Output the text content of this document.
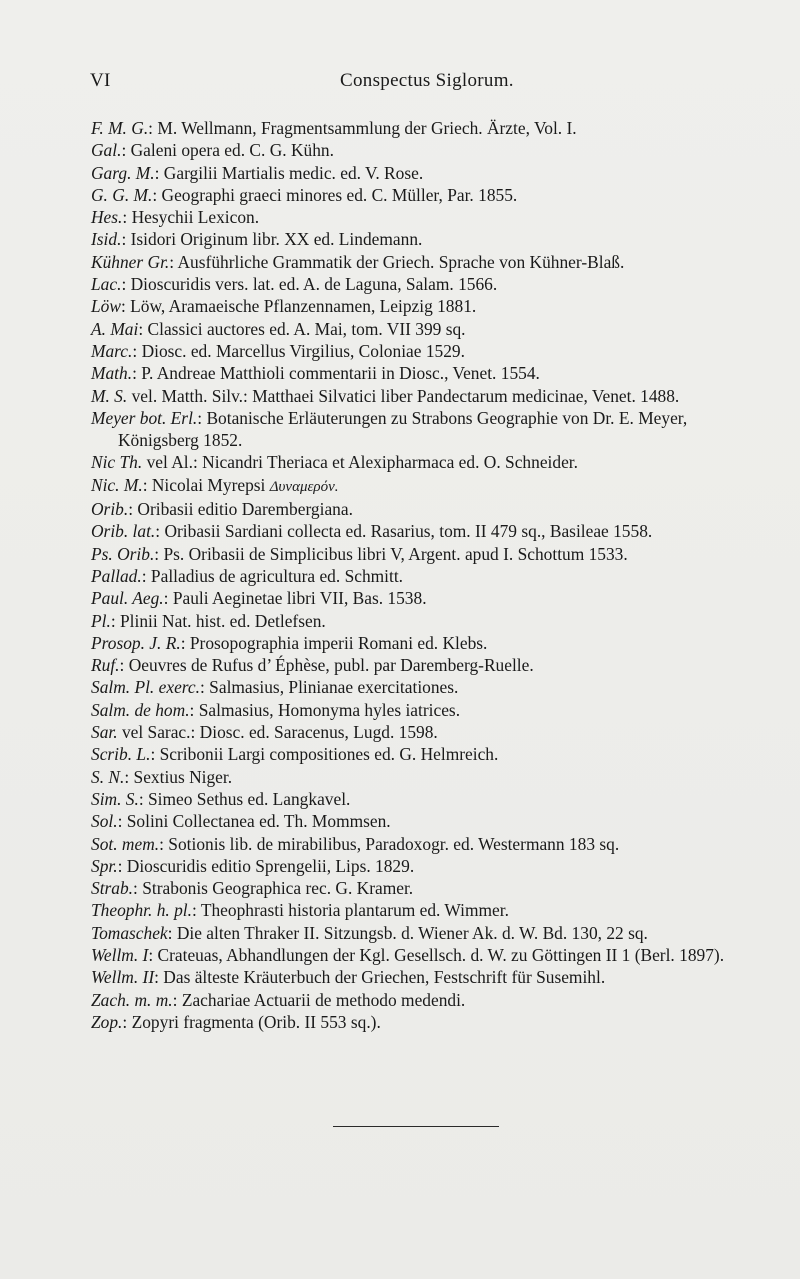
VI	Conspectus Siglorum.
F. M. G.: M. Wellmann, Fragmentsammlung der Griech. Ärzte, Vol. I.
Gal.: Galeni opera ed. C. G. Kühn.
Garg. M.: Gargilii Martialis medic. ed. V. Rose.
G. G. M.: Geographi graeci minores ed. C. Müller, Par. 1855.
Hes.: Hesychii Lexicon.
Isid.: Isidori Originum libr. XX ed. Lindemann.
Kühner Gr.: Ausführliche Grammatik der Griech. Sprache von Kühner-Blaß.
Lac.: Dioscuridis vers. lat. ed. A. de Laguna, Salam. 1566.
Löw: Löw, Aramaeische Pflanzennamen, Leipzig 1881.
A. Mai: Classici auctores ed. A. Mai, tom. VII 399 sq.
Marc.: Diosc. ed. Marcellus Virgilius, Coloniae 1529.
Math.: P. Andreae Matthioli commentarii in Diosc., Venet. 1554.
M. S. vel. Matth. Silv.: Matthaei Silvatici liber Pandectarum medicinae, Venet. 1488.
Meyer bot. Erl.: Botanische Erläuterungen zu Strabons Geographie von Dr. E. Meyer, Königsberg 1852.
Nic Th. vel Al.: Nicandri Theriaca et Alexipharmaca ed. O. Schneider.
Nic. M.: Nicolai Myrepsi Δυναμερόν.
Orib.: Oribasii editio Darembergiana.
Orib. lat.: Oribasii Sardiani collecta ed. Rasarius, tom. II 479 sq., Basileae 1558.
Ps. Orib.: Ps. Oribasii de Simplicibus libri V, Argent. apud I. Schottum 1533.
Pallad.: Palladius de agricultura ed. Schmitt.
Paul. Aeg.: Pauli Aeginetae libri VII, Bas. 1538.
Pl.: Plinii Nat. hist. ed. Detlefsen.
Prosop. J. R.: Prosopographia imperii Romani ed. Klebs.
Ruf.: Oeuvres de Rufus d’ Éphèse, publ. par Daremberg-Ruelle.
Salm. Pl. exerc.: Salmasius, Plinianae exercitationes.
Salm. de hom.: Salmasius, Homonyma hyles iatrices.
Sar. vel Sarac.: Diosc. ed. Saracenus, Lugd. 1598.
Scrib. L.: Scribonii Largi compositiones ed. G. Helmreich.
S. N.: Sextius Niger.
Sim. S.: Simeo Sethus ed. Langkavel.
Sol.: Solini Collectanea ed. Th. Mommsen.
Sot. mem.: Sotionis lib. de mirabilibus, Paradoxogr. ed. Westermann 183 sq.
Spr.: Dioscuridis editio Sprengelii, Lips. 1829.
Strab.: Strabonis Geographica rec. G. Kramer.
Theophr. h. pl.: Theophrasti historia plantarum ed. Wimmer.
Tomaschek: Die alten Thraker II. Sitzungsb. d. Wiener Ak. d. W. Bd. 130, 22 sq.
Wellm. I: Crateuas, Abhandlungen der Kgl. Gesellsch. d. W. zu Göttingen II 1 (Berl. 1897).
Wellm. II: Das älteste Kräuterbuch der Griechen, Festschrift für Susemihl.
Zach. m. m.: Zachariae Actuarii de methodo medendi.
Zop.: Zopyri fragmenta (Orib. II 553 sq.).
